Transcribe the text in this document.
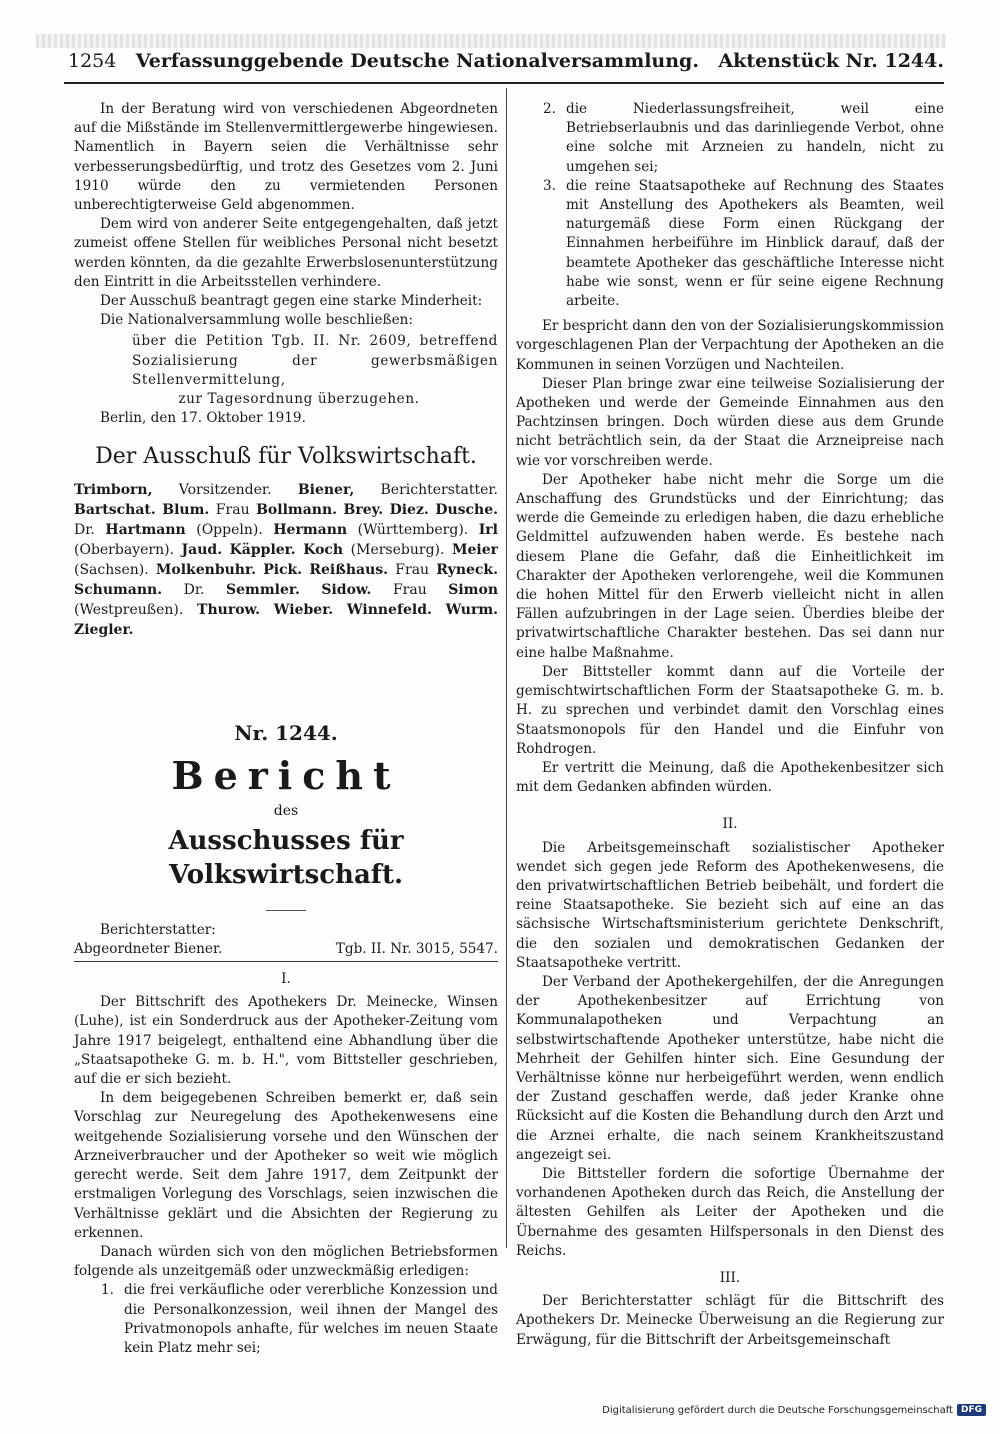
1254 Verfassunggebende Deutsche Nationalversammlung. Aktenstück Nr. 1244.

In der Beratung wird von verschiedenen Abgeordneten auf die Mißstände im Stellenvermittlergewerbe hingewiesen. Namentlich in Bayern seien die Verhältnisse sehr verbesserungsbedürftig, und trotz des Gesetzes vom 2. Juni 1910 würde den zu vermietenden Personen unberechtigterweise Geld abgenommen.

Dem wird von anderer Seite entgegengehalten, daß jetzt zumeist offene Stellen für weibliches Personal nicht besetzt werden könnten, da die gezahlte Erwerbslosenunterstützung den Eintritt in die Arbeitsstellen verhindere.

Der Ausschuß beantragt gegen eine starke Minderheit:

Die Nationalversammlung wolle beschließen:

über die Petition Tgb. II. Nr. 2609, betreffend Sozialisierung der gewerbsmäßigen Stellenvermittelung,

zur Tagesordnung überzugehen.

Berlin, den 17. Oktober 1919.

Der Ausschuß für Volkswirtschaft.

Trimborn, Vorsitzender. Biener, Berichterstatter. Bartschat. Blum. Frau Bollmann. Brey. Diez. Dusche. Dr. Hartmann (Oppeln). Hermann (Württemberg). Irl (Oberbayern). Jaud. Käppler. Koch (Merseburg). Meier (Sachsen). Molkenbuhr. Pick. Reißhaus. Frau Ryneck. Schumann. Dr. Semmler. Sidow. Frau Simon (Westpreußen). Thurow. Wieber. Winnefeld. Wurm. Ziegler.

Nr. 1244.
Bericht
des
Ausschusses für Volkswirtschaft.
Berichterstatter:
Abgeordneter Biener.	Tgb. II. Nr. 3015, 5547.
I.

Der Bittschrift des Apothekers Dr. Meinecke, Winsen (Luhe), ist ein Sonderdruck aus der Apotheker-Zeitung vom Jahre 1917 beigelegt, enthaltend eine Abhandlung über die „Staatsapotheke G. m. b. H.", vom Bittsteller geschrieben, auf die er sich bezieht.

In dem beigegebenen Schreiben bemerkt er, daß sein Vorschlag zur Neuregelung des Apothekenwesens eine weitgehende Sozialisierung vorsehe und den Wünschen der Arzneiverbraucher und der Apotheker so weit wie möglich gerecht werde. Seit dem Jahre 1917, dem Zeitpunkt der erstmaligen Vorlegung des Vorschlags, seien inzwischen die Verhältnisse geklärt und die Absichten der Regierung zu erkennen.

Danach würden sich von den möglichen Betriebsformen folgende als unzeitgemäß oder unzweckmäßig erledigen:

1. die frei verkäufliche oder vererbliche Konzession und die Personalkonzession, weil ihnen der Mangel des Privatmonopols anhafte, für welches im neuen Staate kein Platz mehr sei;
2. die Niederlassungsfreiheit, weil eine Betriebserlaubnis und das darinliegende Verbot, ohne eine solche mit Arzneien zu handeln, nicht zu umgehen sei;
3. die reine Staatsapotheke auf Rechnung des Staates mit Anstellung des Apothekers als Beamten, weil naturgemäß diese Form einen Rückgang der Einnahmen herbeiführe im Hinblick darauf, daß der beamtete Apotheker das geschäftliche Interesse nicht habe wie sonst, wenn er für seine eigene Rechnung arbeite.

Er bespricht dann den von der Sozialisierungskommission vorgeschlagenen Plan der Verpachtung der Apotheken an die Kommunen in seinen Vorzügen und Nachteilen.

Dieser Plan bringe zwar eine teilweise Sozialisierung der Apotheken und werde der Gemeinde Einnahmen aus den Pachtzinsen bringen. Doch würden diese aus dem Grunde nicht beträchtlich sein, da der Staat die Arzneipreise nach wie vor vorschreiben werde.

Der Apotheker habe nicht mehr die Sorge um die Anschaffung des Grundstücks und der Einrichtung; das werde die Gemeinde zu erledigen haben, die dazu erhebliche Geldmittel aufzuwenden haben werde. Es bestehe nach diesem Plane die Gefahr, daß die Einheitlichkeit im Charakter der Apotheken verlorengehe, weil die Kommunen die hohen Mittel für den Erwerb vielleicht nicht in allen Fällen aufzubringen in der Lage seien. Überdies bleibe der privatwirtschaftliche Charakter bestehen. Das sei dann nur eine halbe Maßnahme.

Der Bittsteller kommt dann auf die Vorteile der gemischtwirtschaftlichen Form der Staatsapotheke G. m. b. H. zu sprechen und verbindet damit den Vorschlag eines Staatsmonopols für den Handel und die Einfuhr von Rohdrogen.

Er vertritt die Meinung, daß die Apothekenbesitzer sich mit dem Gedanken abfinden würden.

II.

Die Arbeitsgemeinschaft sozialistischer Apotheker wendet sich gegen jede Reform des Apothekenwesens, die den privatwirtschaftlichen Betrieb beibehält, und fordert die reine Staatsapotheke. Sie bezieht sich auf eine an das sächsische Wirtschaftsministerium gerichtete Denkschrift, die den sozialen und demokratischen Gedanken der Staatsapotheke vertritt.

Der Verband der Apothekergehilfen, der die Anregungen der Apothekenbesitzer auf Errichtung von Kommunalapotheken und Verpachtung an selbstwirtschaftende Apotheker unterstütze, habe nicht die Mehrheit der Gehilfen hinter sich. Eine Gesundung der Verhältnisse könne nur herbeigeführt werden, wenn endlich der Zustand geschaffen werde, daß jeder Kranke ohne Rücksicht auf die Kosten die Behandlung durch den Arzt und die Arznei erhalte, die nach seinem Krankheitszustand angezeigt sei.

Die Bittsteller fordern die sofortige Übernahme der vorhandenen Apotheken durch das Reich, die Anstellung der ältesten Gehilfen als Leiter der Apotheken und die Übernahme des gesamten Hilfspersonals in den Dienst des Reichs.

III.

Der Berichterstatter schlägt für die Bittschrift des Apothekers Dr. Meinecke Überweisung an die Regierung zur Erwägung, für die Bittschrift der Arbeitsgemeinschaft

Digitalisierung gefördert durch die Deutsche Forschungsgemeinschaft DFG
